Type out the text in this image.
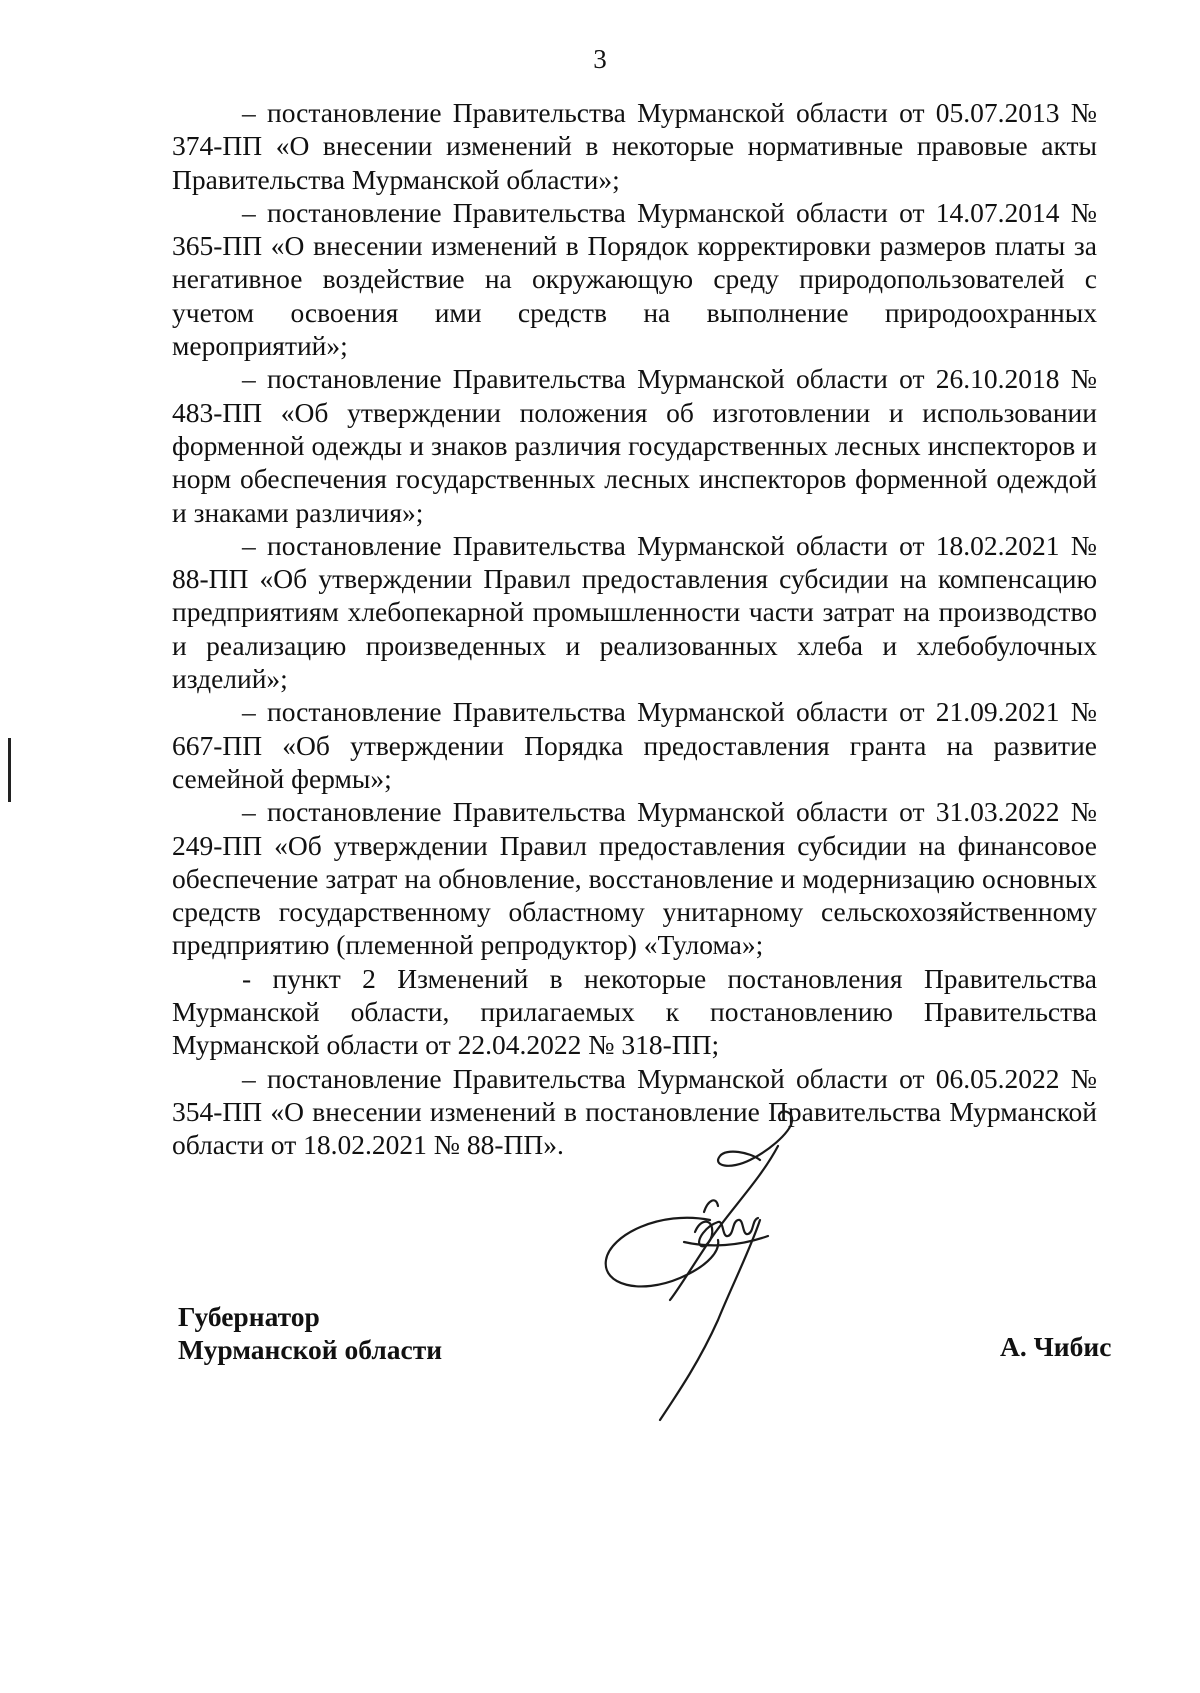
3

– постановление Правительства Мурманской области от 05.07.2013 № 374-ПП «О внесении изменений в некоторые нормативные правовые акты Правительства Мурманской области»;

– постановление Правительства Мурманской области от 14.07.2014 № 365-ПП «О внесении изменений в Порядок корректировки размеров платы за негативное воздействие на окружающую среду природопользователей с учетом освоения ими средств на выполнение природоохранных мероприятий»;

– постановление Правительства Мурманской области от 26.10.2018 № 483-ПП «Об утверждении положения об изготовлении и использовании форменной одежды и знаков различия государственных лесных инспекторов и норм обеспечения государственных лесных инспекторов форменной одеждой и знаками различия»;

– постановление Правительства Мурманской области от 18.02.2021 № 88-ПП «Об утверждении Правил предоставления субсидии на компенсацию предприятиям хлебопекарной промышленности части затрат на производство и реализацию произведенных и реализованных хлеба и хлебобулочных изделий»;

– постановление Правительства Мурманской области от 21.09.2021 № 667-ПП «Об утверждении Порядка предоставления гранта на развитие семейной фермы»;

– постановление Правительства Мурманской области от 31.03.2022 № 249-ПП «Об утверждении Правил предоставления субсидии на финансовое обеспечение затрат на обновление, восстановление и модернизацию основных средств государственному областному унитарному сельскохозяйственному предприятию (племенной репродуктор) «Тулома»;

- пункт 2 Изменений в некоторые постановления Правительства Мурманской области, прилагаемых к постановлению Правительства Мурманской области от 22.04.2022 № 318-ПП;

– постановление Правительства Мурманской области от 06.05.2022 № 354-ПП «О внесении изменений в постановление Правительства Мурманской области от 18.02.2021 № 88-ПП».

Губернатор
Мурманской области	А. Чибис
